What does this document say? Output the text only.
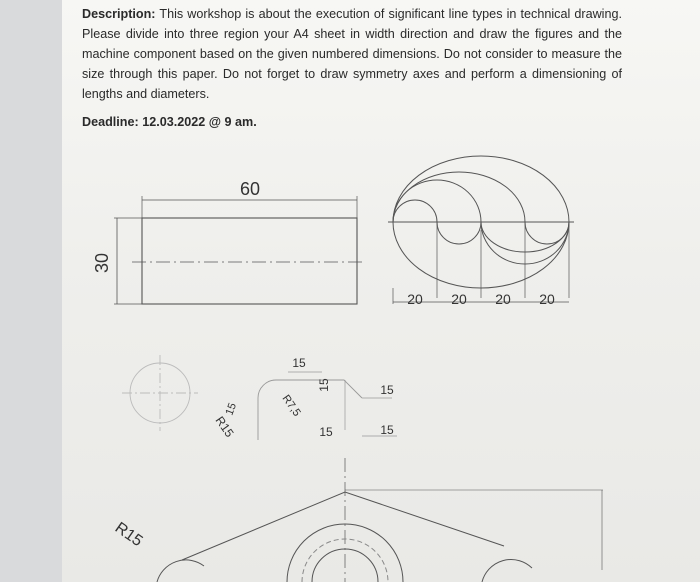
Description: This workshop is about the execution of significant line types in technical drawing. Please divide into three region your A4 sheet in width direction and draw the figures and the machine component based on the given numbered dimensions. Do not consider to measure the size through this paper. Do not forget to draw symmetry axes and perform a dimensioning of lengths and diameters.
Deadline: 12.03.2022 @ 9 am.
60
30
20 20 20 20
R15
15
15
R7,5
15
15
15
15
R15
